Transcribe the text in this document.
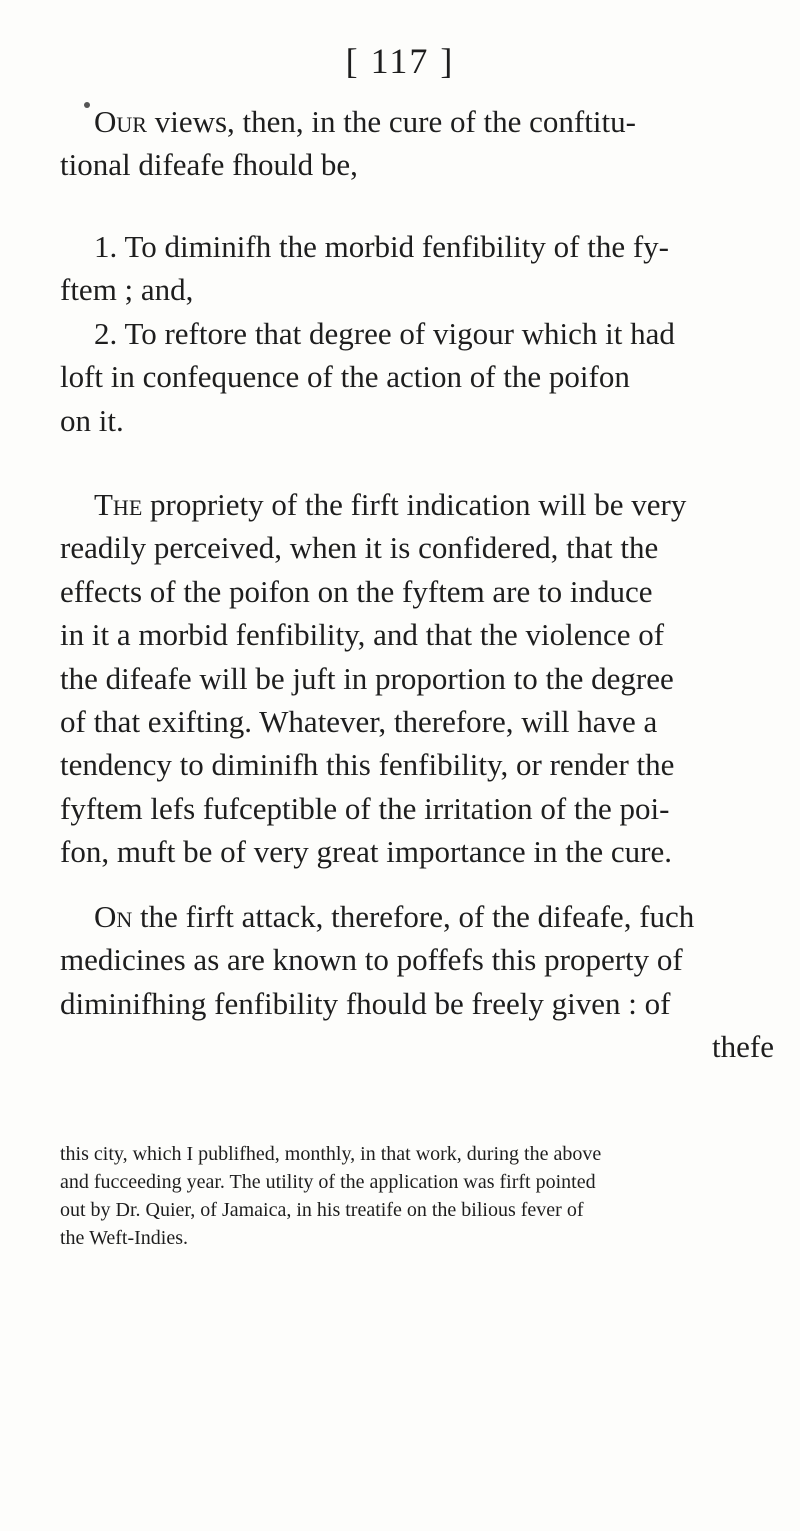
[ 117 ]
Our views, then, in the cure of the conftitu-
tional difeafe fhould be,
1. To diminifh the morbid fenfibility of the fy-
ftem ; and,
2. To reftore that degree of vigour which it had
loft in confequence of the action of the poifon
on it.
The propriety of the firft indication will be very
readily perceived, when it is confidered, that the
effects of the poifon on the fyftem are to induce
in it a morbid fenfibility, and that the violence of
the difeafe will be juft in proportion to the degree
of that exifting. Whatever, therefore, will have a
tendency to diminifh this fenfibility, or render the
fyftem lefs fufceptible of the irritation of the poi-
fon, muft be of very great importance in the cure.
On the firft attack, therefore, of the difeafe, fuch
medicines as are known to poffefs this property of
diminifhing fenfibility fhould be freely given : of
thefe
this city, which I publifhed, monthly, in that work, during the above
and fucceeding year. The utility of the application was firft pointed
out by Dr. Quier, of Jamaica, in his treatife on the bilious fever of
the Weft-Indies.
